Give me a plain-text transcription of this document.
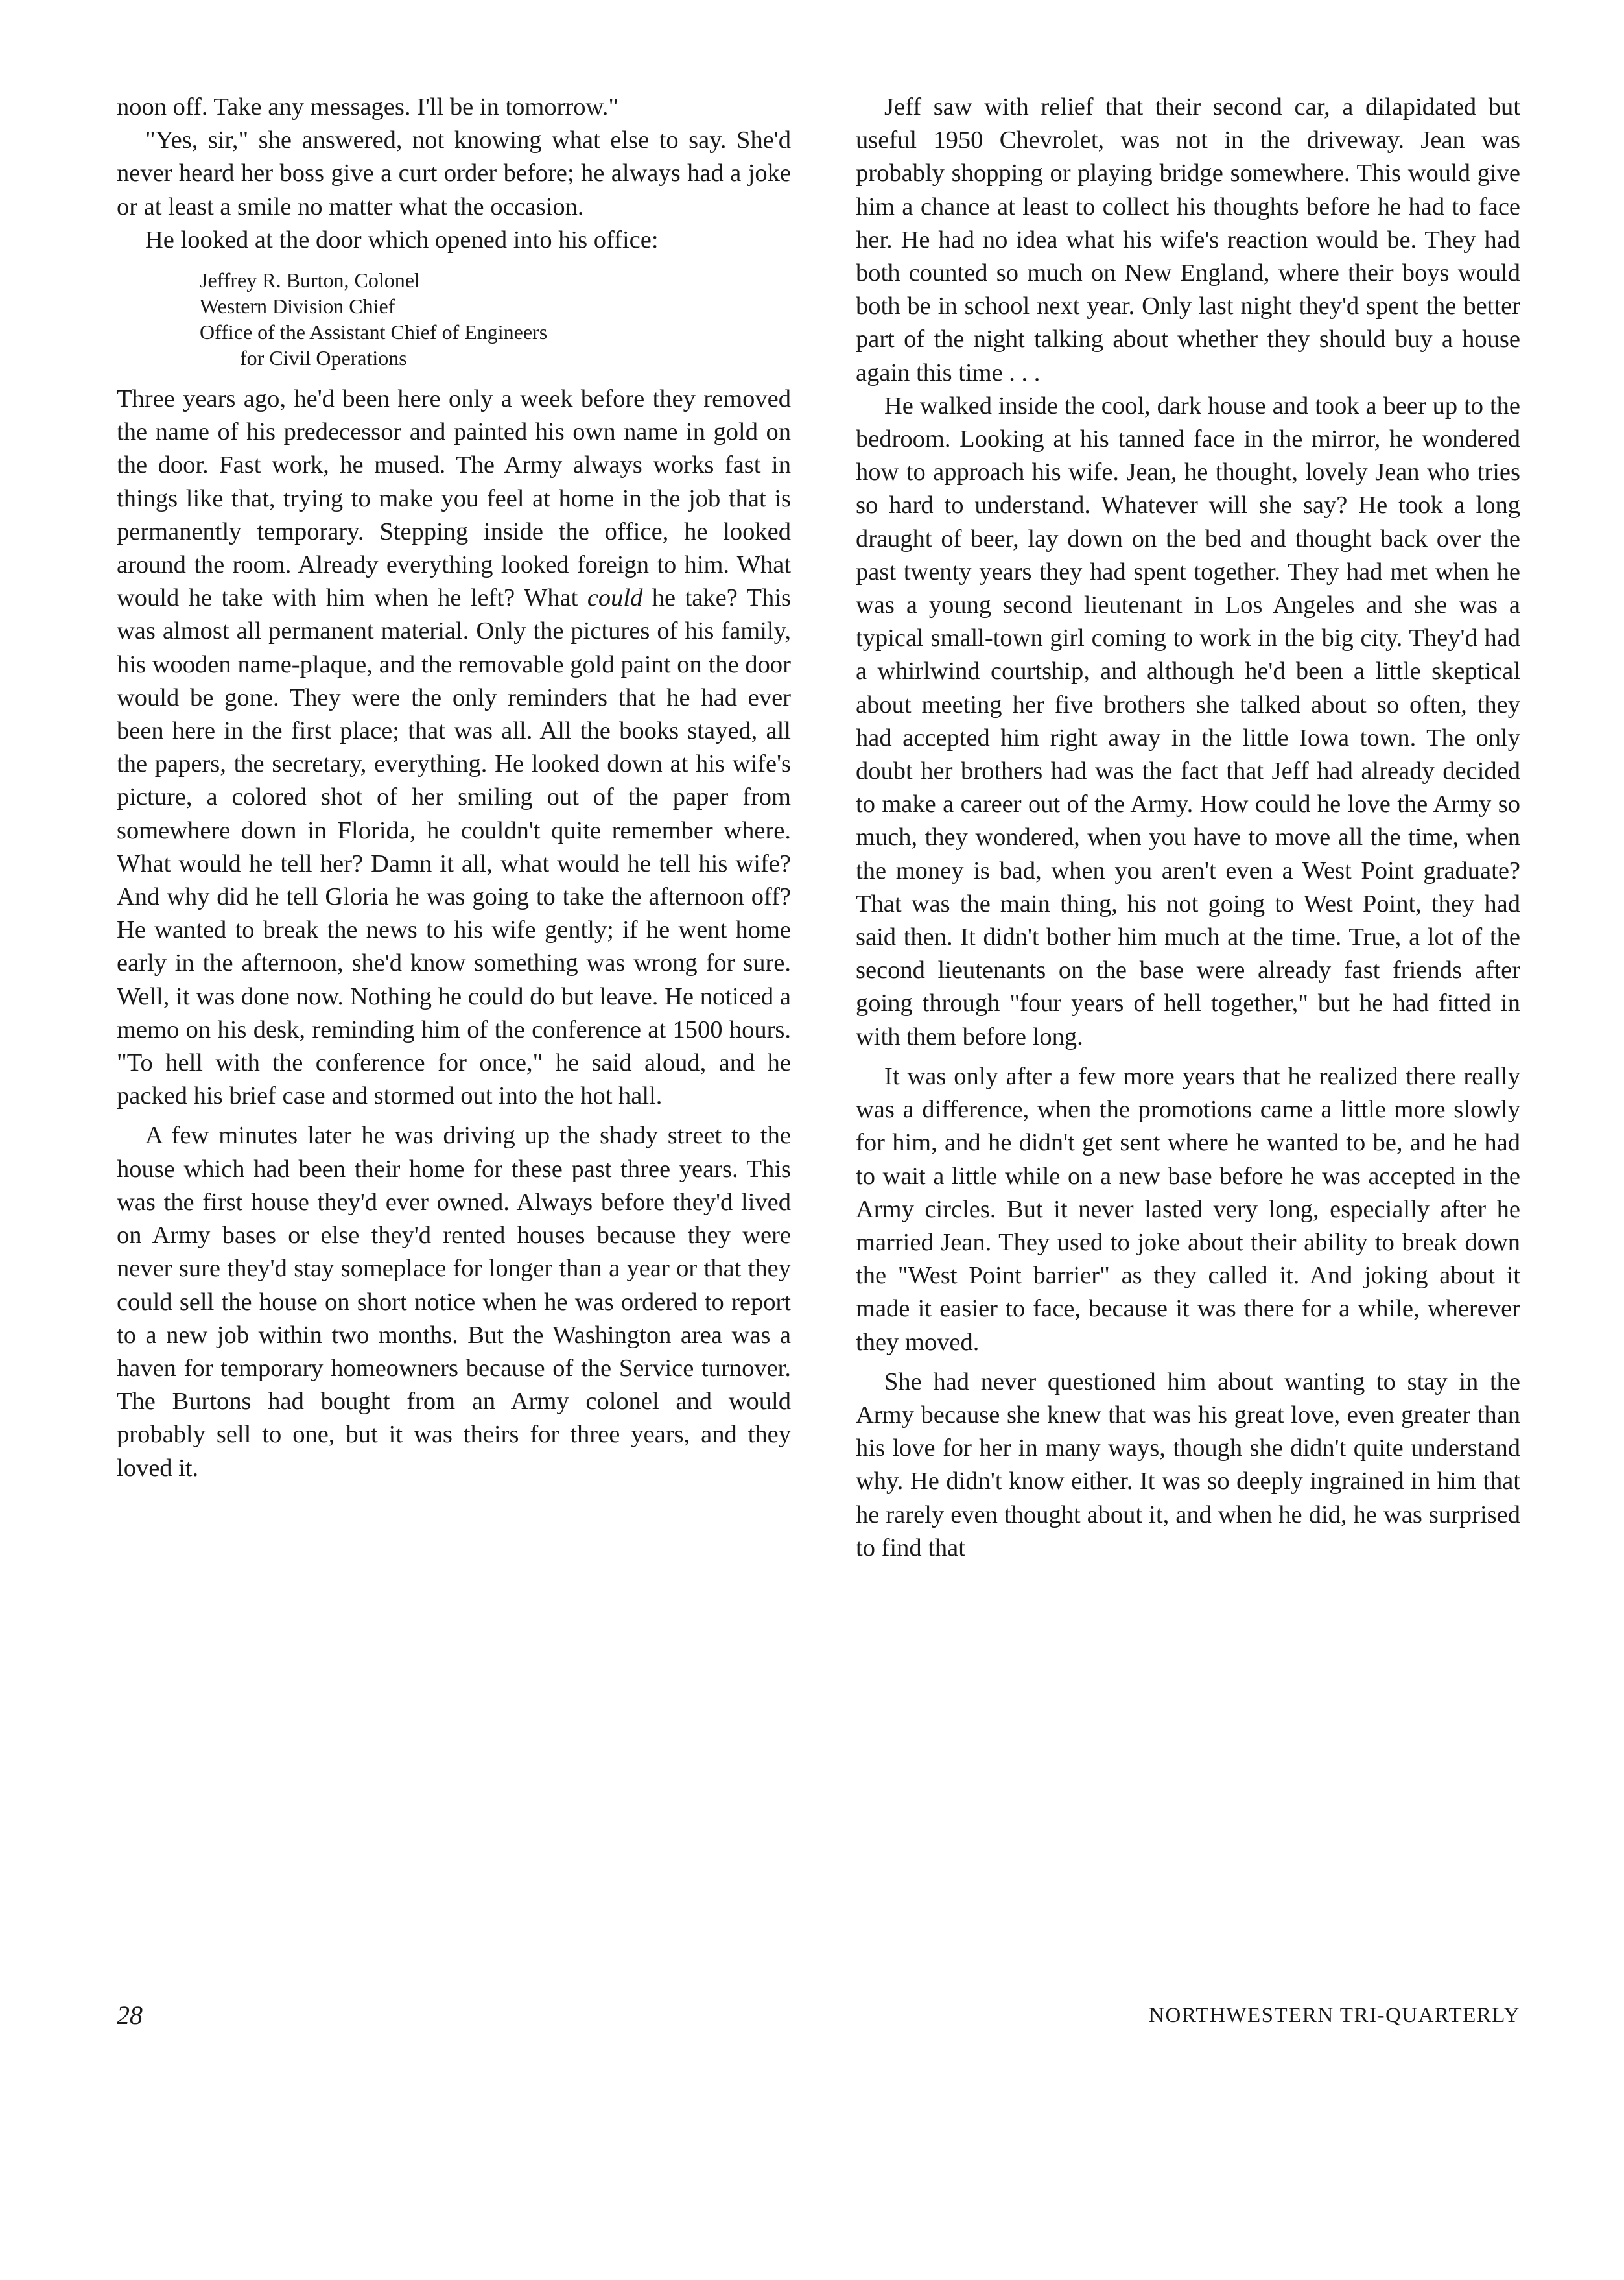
noon off. Take any messages. I'll be in tomorrow."

"Yes, sir," she answered, not knowing what else to say. She'd never heard her boss give a curt order before; he always had a joke or at least a smile no matter what the occasion.

He looked at the door which opened into his office:

Jeffrey R. Burton, Colonel
Western Division Chief
Office of the Assistant Chief of Engineers
for Civil Operations

Three years ago, he'd been here only a week before they removed the name of his predecessor and painted his own name in gold on the door. Fast work, he mused. The Army always works fast in things like that, trying to make you feel at home in the job that is permanently temporary. Stepping inside the office, he looked around the room. Already everything looked foreign to him. What would he take with him when he left? What could he take? This was almost all permanent material. Only the pictures of his family, his wooden name-plaque, and the removable gold paint on the door would be gone. They were the only reminders that he had ever been here in the first place; that was all. All the books stayed, all the papers, the secretary, everything. He looked down at his wife's picture, a colored shot of her smiling out of the paper from somewhere down in Florida, he couldn't quite remember where. What would he tell her? Damn it all, what would he tell his wife? And why did he tell Gloria he was going to take the afternoon off? He wanted to break the news to his wife gently; if he went home early in the afternoon, she'd know something was wrong for sure. Well, it was done now. Nothing he could do but leave. He noticed a memo on his desk, reminding him of the conference at 1500 hours. "To hell with the conference for once," he said aloud, and he packed his brief case and stormed out into the hot hall.

A few minutes later he was driving up the shady street to the house which had been their home for these past three years. This was the first house they'd ever owned. Always before they'd lived on Army bases or else they'd rented houses because they were never sure they'd stay someplace for longer than a year or that they could sell the house on short notice when he was ordered to report to a new job within two months. But the Washington area was a haven for temporary homeowners because of the Service turnover. The Burtons had bought from an Army colonel and would probably sell to one, but it was theirs for three years, and they loved it.

Jeff saw with relief that their second car, a dilapidated but useful 1950 Chevrolet, was not in the driveway. Jean was probably shopping or playing bridge somewhere. This would give him a chance at least to collect his thoughts before he had to face her. He had no idea what his wife's reaction would be. They had both counted so much on New England, where their boys would both be in school next year. Only last night they'd spent the better part of the night talking about whether they should buy a house again this time . . .

He walked inside the cool, dark house and took a beer up to the bedroom. Looking at his tanned face in the mirror, he wondered how to approach his wife. Jean, he thought, lovely Jean who tries so hard to understand. Whatever will she say? He took a long draught of beer, lay down on the bed and thought back over the past twenty years they had spent together. They had met when he was a young second lieutenant in Los Angeles and she was a typical small-town girl coming to work in the big city. They'd had a whirlwind courtship, and although he'd been a little skeptical about meeting her five brothers she talked about so often, they had accepted him right away in the little Iowa town. The only doubt her brothers had was the fact that Jeff had already decided to make a career out of the Army. How could he love the Army so much, they wondered, when you have to move all the time, when the money is bad, when you aren't even a West Point graduate? That was the main thing, his not going to West Point, they had said then. It didn't bother him much at the time. True, a lot of the second lieutenants on the base were already fast friends after going through "four years of hell together," but he had fitted in with them before long.

It was only after a few more years that he realized there really was a difference, when the promotions came a little more slowly for him, and he didn't get sent where he wanted to be, and he had to wait a little while on a new base before he was accepted in the Army circles. But it never lasted very long, especially after he married Jean. They used to joke about their ability to break down the "West Point barrier" as they called it. And joking about it made it easier to face, because it was there for a while, wherever they moved.

She had never questioned him about wanting to stay in the Army because she knew that was his great love, even greater than his love for her in many ways, though she didn't quite understand why. He didn't know either. It was so deeply ingrained in him that he rarely even thought about it, and when he did, he was surprised to find that

28	NORTHWESTERN TRI-QUARTERLY
